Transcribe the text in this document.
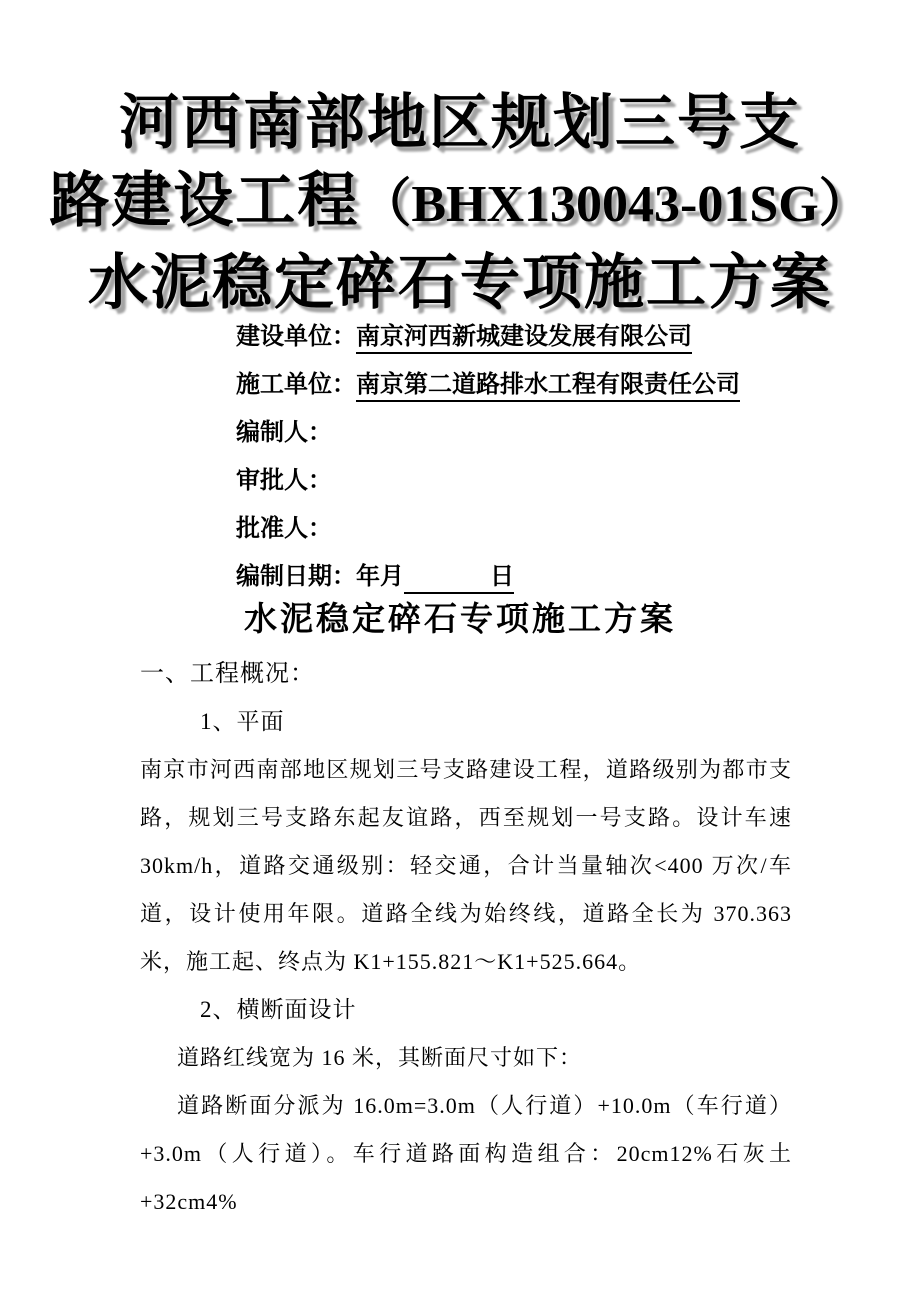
河西南部地区规划三号支
路建设工程（BHX130043-01SG）
水泥稳定碎石专项施工方案
建设单位：南京河西新城建设发展有限公司
施工单位：南京第二道路排水工程有限责任公司
编制人：
审批人：
批准人：
编制日期：年月	日
水泥稳定碎石专项施工方案
一、工程概况：
1、平面

南京市河西南部地区规划三号支路建设工程，道路级别为都市支路，规划三号支路东起友谊路，西至规划一号支路。设计车速 30km/h，道路交通级别：轻交通，合计当量轴次<400 万次/车道，设计使用年限。道路全线为始终线，道路全长为 370.363 米，施工起、终点为 K1+155.821～K1+525.664。

2、横断面设计

道路红线宽为 16 米，其断面尺寸如下：

道路断面分派为 16.0m=3.0m（人行道）+10.0m（车行道）+3.0m（人行道）。车行道路面构造组合：20cm12%石灰土+32cm4%
